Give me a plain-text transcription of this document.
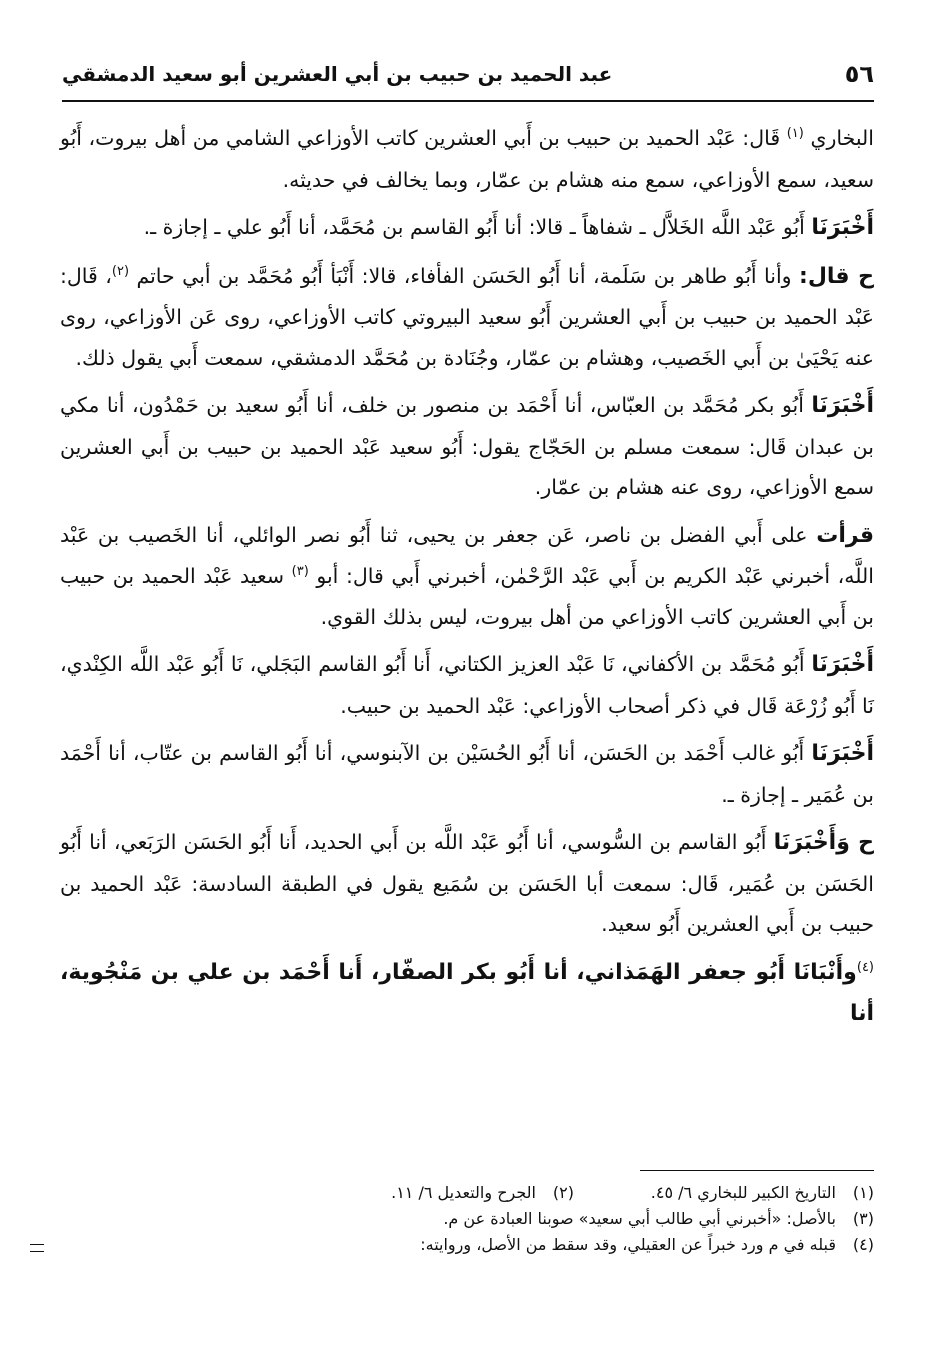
٥٦
عبد الحميد بن حبيب بن أبي العشرين أبو سعيد الدمشقي

البخاري $^{(١)}$ قَال: عَبْد الحميد بن حبيب بن أَبي العشرين كاتب الأوزاعي الشامي من أهل بيروت، أَبُو سعيد، سمع الأوزاعي، سمع منه هشام بن عمّار، وبما يخالف في حديثه.

أَخْبَرَنَا أَبُو عَبْد اللَّه الخَلاَّل ـ شفاهاً ـ قالا: أنا أَبُو القاسم بن مُحَمَّد، أنا أَبُو علي ـ إجازة ـ.

ح قال: وأنا أَبُو طاهر بن سَلَمة، أنا أَبُو الحَسَن الفأفاء، قالا: أَنْبَأ أَبُو مُحَمَّد بن أبي حاتم $^{(٢)}$، قَال: عَبْد الحميد بن حبيب بن أَبي العشرين أَبُو سعيد البيروتي كاتب الأوزاعي، روى عَن الأوزاعي، روى عنه يَحْيَىٰ بن أَبي الخَصيب، وهشام بن عمّار، وجُنَادة بن مُحَمَّد الدمشقي، سمعت أَبي يقول ذلك.

أَخْبَرَنَا أَبُو بكر مُحَمَّد بن العبّاس، أنا أَحْمَد بن منصور بن خلف، أنا أَبُو سعيد بن حَمْدُون، أنا مكي بن عبدان قَال: سمعت مسلم بن الحَجّاج يقول: أَبُو سعيد عَبْد الحميد بن حبيب بن أَبي العشرين سمع الأوزاعي، روى عنه هشام بن عمّار.

قرأت على أَبي الفضل بن ناصر، عَن جعفر بن يحيى، ثنا أَبُو نصر الوائلي، أنا الخَصيب بن عَبْد اللَّه، أخبرني عَبْد الكريم بن أَبي عَبْد الرَّحْمٰن، أخبرني أَبي قال: أبو $^{(٣)}$ سعيد عَبْد الحميد بن حبيب بن أَبي العشرين كاتب الأوزاعي من أهل بيروت، ليس بذلك القوي.

أَخْبَرَنَا أَبُو مُحَمَّد بن الأكفاني، نَا عَبْد العزيز الكتاني، أَنا أَبُو القاسم البَجَلي، نَا أَبُو عَبْد اللَّه الكِنْدي، نَا أَبُو زُرْعَة قَال في ذكر أصحاب الأوزاعي: عَبْد الحميد بن حبيب.

أَخْبَرَنَا أَبُو غالب أَحْمَد بن الحَسَن، أنا أَبُو الحُسَيْن بن الآبنوسي، أنا أَبُو القاسم بن عتّاب، أنا أَحْمَد بن عُمَير ـ إجازة ـ.

ح وَأَخْبَرَنَا أَبُو القاسم بن السُّوسي، أنا أَبُو عَبْد اللَّه بن أَبي الحديد، أَنا أَبُو الحَسَن الرَبَعي، أنا أَبُو الحَسَن بن عُمَير، قَال: سمعت أبا الحَسَن بن سُمَيع يقول في الطبقة السادسة: عَبْد الحميد بن حبيب بن أَبي العشرين أَبُو سعيد.

$^{(٤)}$وأَنْبَانَا أَبُو جعفر الهَمَذاني، أنا أَبُو بكر الصفّار، أَنا أَحْمَد بن علي بن مَنْجُوية، أنا

(١)التاريخ الكبير للبخاري ٦/ ٤٥.
(٢)الجرح والتعديل ٦/ ١١.
(٣)
بالأصل: «أخبرني أبي طالب أبي سعيد» صوبنا العبادة عن م.
(٤)
قبله في م ورد خبراً عن العقيلي، وقد سقط من الأصل، وروايته:
